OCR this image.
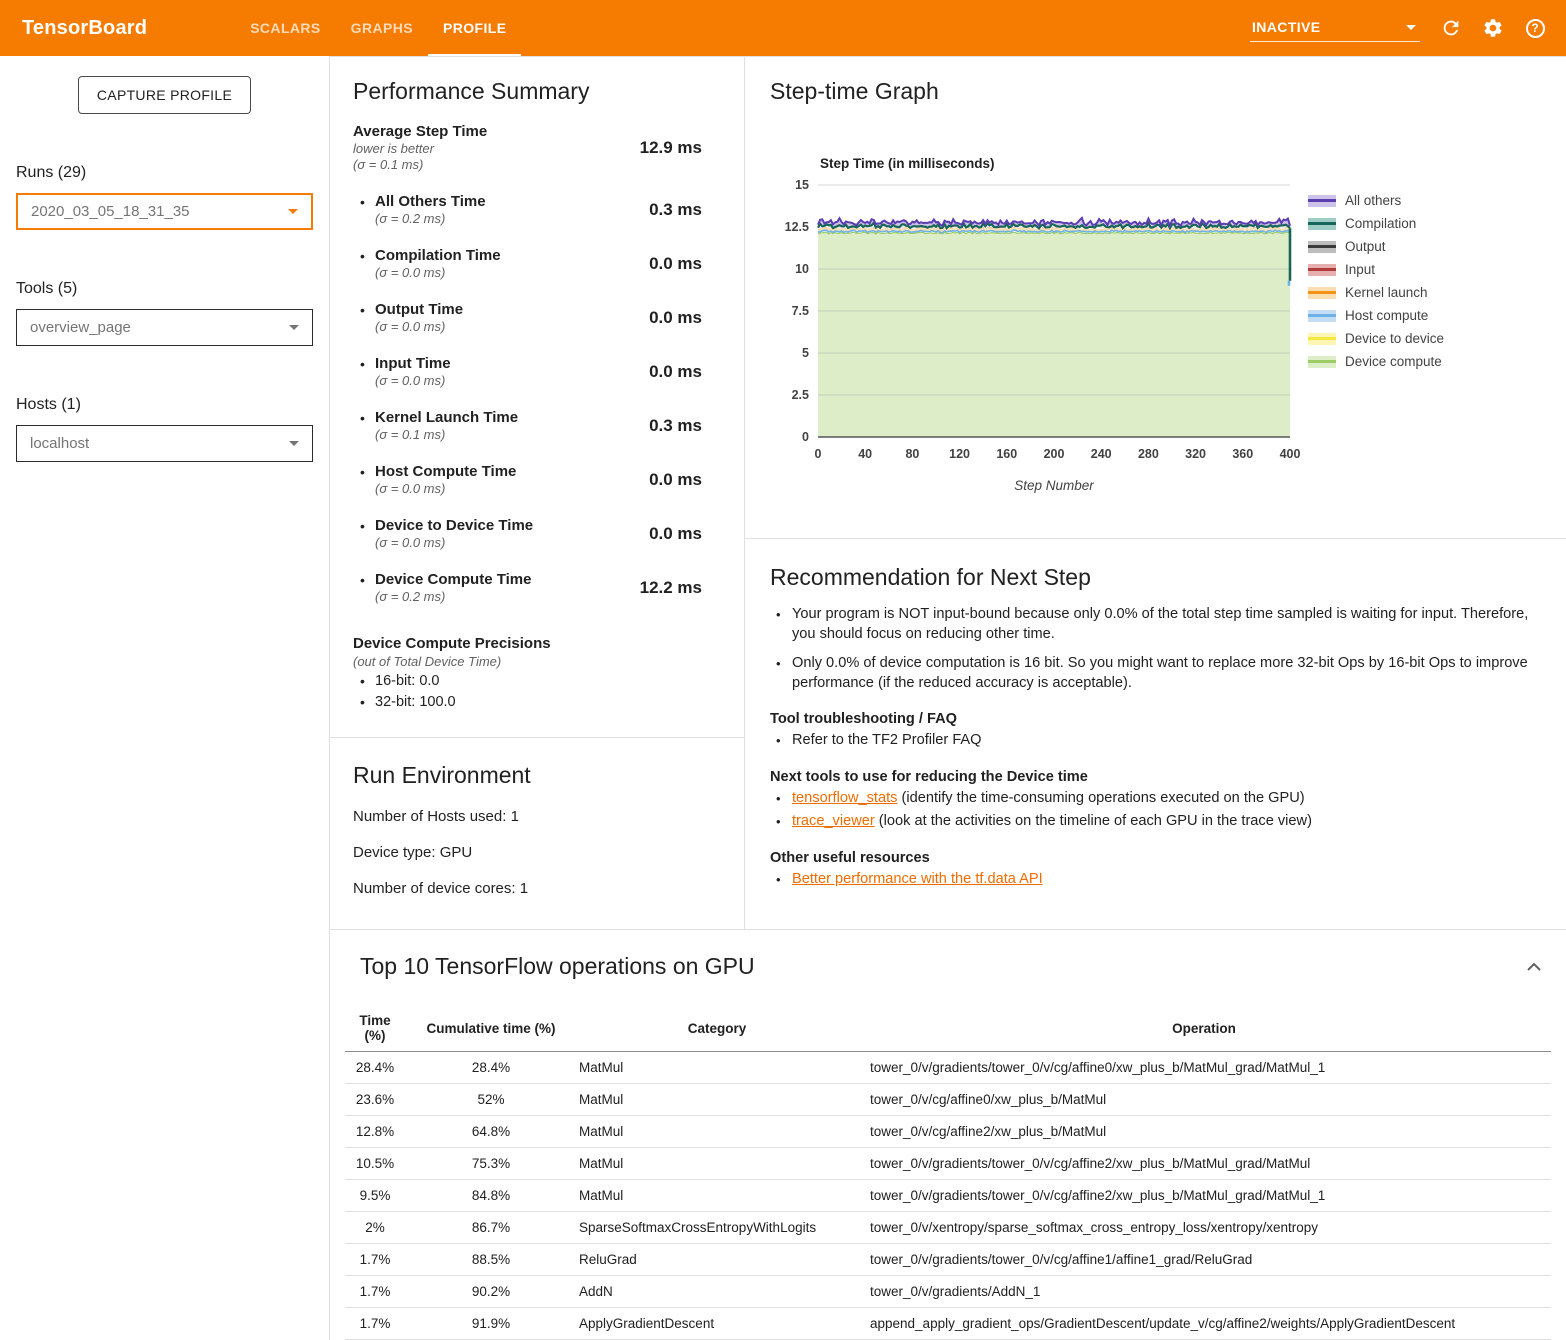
TensorBoard	SCALARS	GRAPHS	PROFILE	INACTIVE	?
CAPTURE PROFILE
Runs (29)
2020_03_05_18_31_35
Tools (5)
overview_page
Hosts (1)
localhost
Performance Summary
Average Step Time
lower is better
(σ = 0.1 ms)
12.9 ms
• All Others Time
(σ = 0.2 ms)	0.3 ms
• Compilation Time
(σ = 0.0 ms)	0.0 ms
• Output Time
(σ = 0.0 ms)	0.0 ms
• Input Time
(σ = 0.0 ms)	0.0 ms
• Kernel Launch Time
(σ = 0.1 ms)	0.3 ms
• Host Compute Time
(σ = 0.0 ms)	0.0 ms
• Device to Device Time
(σ = 0.0 ms)	0.0 ms
• Device Compute Time
(σ = 0.2 ms)	12.2 ms
Device Compute Precisions
(out of Total Device Time)
• 16-bit: 0.0
• 32-bit: 100.0
Run Environment
Number of Hosts used: 1
Device type: GPU
Number of device cores: 1
Step-time Graph
0
2.5
5
7.5
10
12.5
15
0	40	80 120 160 200 240 280 320 360 400
Step Time (in milliseconds)
Step Number
All others
Compilation
Output
Input
Kernel launch
Host compute
Device to device
Device compute
Recommendation for Next Step
• Your program is NOT input-bound because only 0.0% of the total step time sampled is waiting for input. Therefore, you should focus on reducing other time.
• Only 0.0% of device computation is 16 bit. So you might want to replace more 32-bit Ops by 16-bit Ops to improve performance (if the reduced accuracy is acceptable).
Tool troubleshooting / FAQ
• Refer to the TF2 Profiler FAQ
Next tools to use for reducing the Device time
• tensorflow_stats (identify the time-consuming operations executed on the GPU)
• trace_viewer (look at the activities on the timeline of each GPU in the trace view)
Other useful resources
• Better performance with the tf.data API
Top 10 TensorFlow operations on GPU
Time (%)	Cumulative time (%)	Category	Operation
28.4%	28.4%	MatMul	tower_0/v/gradients/tower_0/v/cg/affine0/xw_plus_b/MatMul_grad/MatMul_1
23.6%	52%	MatMul	tower_0/v/cg/affine0/xw_plus_b/MatMul
12.8%	64.8%	MatMul	tower_0/v/cg/affine2/xw_plus_b/MatMul
10.5%	75.3%	MatMul	tower_0/v/gradients/tower_0/v/cg/affine2/xw_plus_b/MatMul_grad/MatMul
9.5%	84.8%	MatMul	tower_0/v/gradients/tower_0/v/cg/affine2/xw_plus_b/MatMul_grad/MatMul_1
2%	86.7%	SparseSoftmaxCrossEntropyWithLogits	tower_0/v/xentropy/sparse_softmax_cross_entropy_loss/xentropy/xentropy
1.7%	88.5%	ReluGrad	tower_0/v/gradients/tower_0/v/cg/affine1/affine1_grad/ReluGrad
1.7%	90.2%	AddN	tower_0/v/gradients/AddN_1
1.7%	91.9%	ApplyGradientDescent	append_apply_gradient_ops/GradientDescent/update_v/cg/affine2/weights/ApplyGradientDescent
